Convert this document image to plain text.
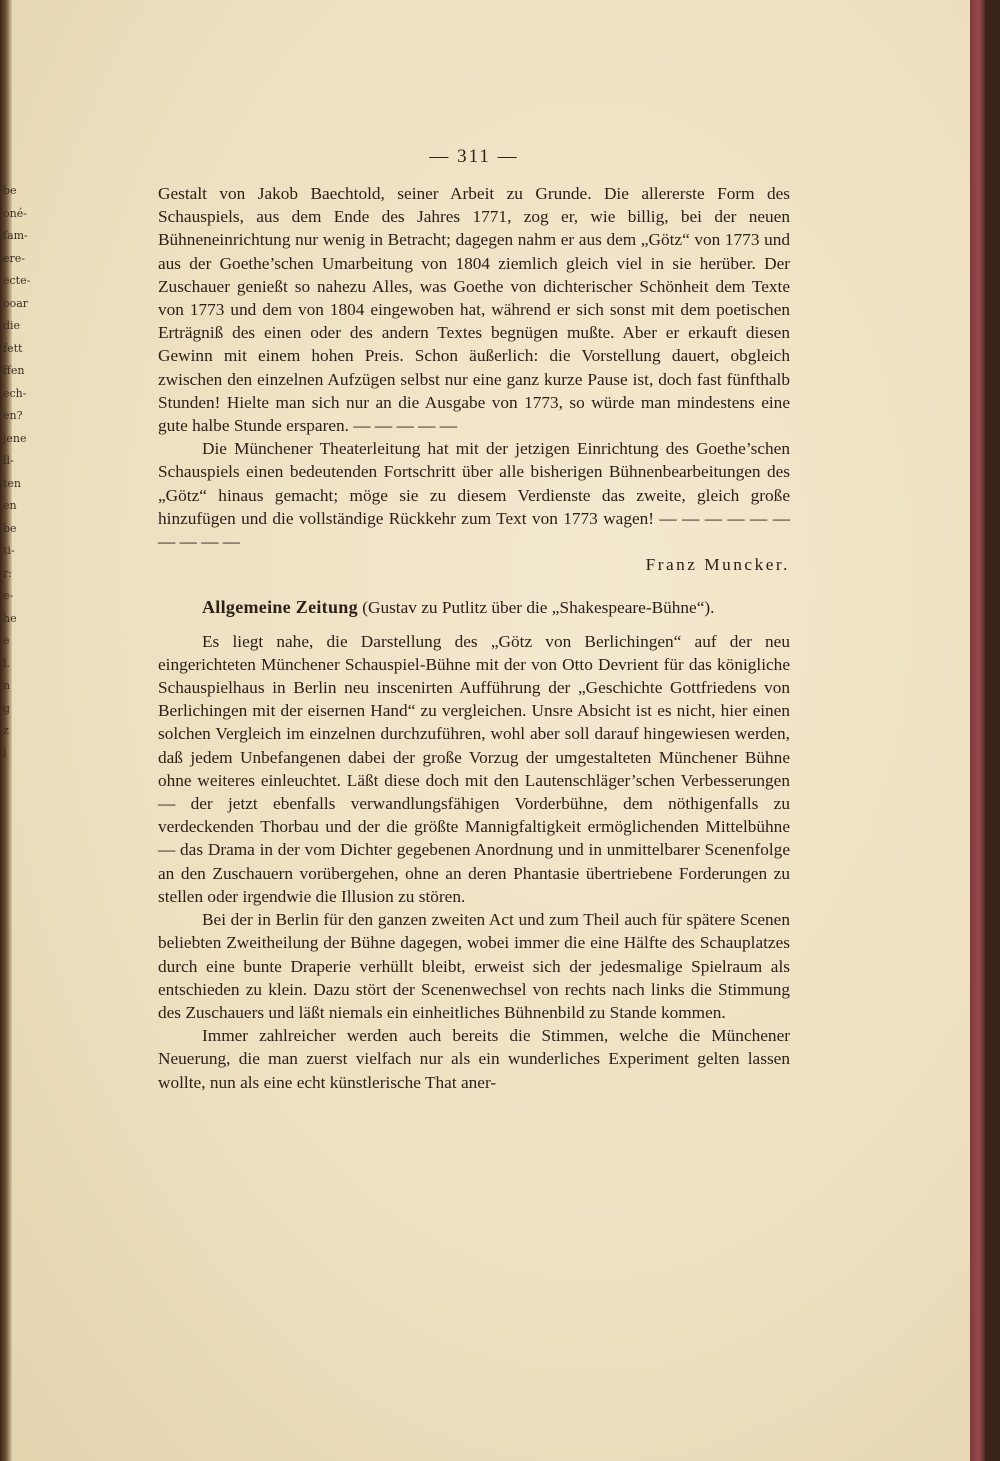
be
oné-
fam-
ere-
ecte-
ooar
die
fett
ffen
ech-
en?
jene
ll-
ten
en
be
ti-
r:
e-
he
e
l.
n
g
z
l
— 311 —

Gestalt von Jakob Baechtold, seiner Arbeit zu Grunde. Die allererste Form des Schauspiels, aus dem Ende des Jahres 1771, zog er, wie billig, bei der neuen Bühneneinrichtung nur wenig in Betracht; dagegen nahm er aus dem „Götz“ von 1773 und aus der Goethe’schen Umarbeitung von 1804 ziemlich gleich viel in sie herüber. Der Zuschauer genießt so nahezu Alles, was Goethe von dichterischer Schönheit dem Texte von 1773 und dem von 1804 eingewoben hat, während er sich sonst mit dem poetischen Erträgniß des einen oder des andern Textes begnügen mußte. Aber er erkauft diesen Gewinn mit einem hohen Preis. Schon äußerlich: die Vorstellung dauert, obgleich zwischen den einzelnen Aufzügen selbst nur eine ganz kurze Pause ist, doch fast fünfthalb Stunden! Hielte man sich nur an die Ausgabe von 1773, so würde man mindestens eine gute halbe Stunde ersparen. — — — — —

Die Münchener Theaterleitung hat mit der jetzigen Einrichtung des Goethe’schen Schauspiels einen bedeutenden Fortschritt über alle bisherigen Bühnenbearbeitungen des „Götz“ hinaus gemacht; möge sie zu diesem Verdienste das zweite, gleich große hinzufügen und die vollständige Rückkehr zum Text von 1773 wagen! — — — — — — — — — —

Franz Muncker.

Allgemeine Zeitung (Gustav zu Putlitz über die „Shakespeare-Bühne“).

Es liegt nahe, die Darstellung des „Götz von Berlichingen“ auf der neu eingerichteten Münchener Schauspiel-Bühne mit der von Otto Devrient für das königliche Schauspielhaus in Berlin neu inscenirten Aufführung der „Geschichte Gottfriedens von Berlichingen mit der eisernen Hand“ zu vergleichen. Unsre Absicht ist es nicht, hier einen solchen Vergleich im einzelnen durchzuführen, wohl aber soll darauf hingewiesen werden, daß jedem Unbefangenen dabei der große Vorzug der umgestalteten Münchener Bühne ohne weiteres einleuchtet. Läßt diese doch mit den Lautenschläger’schen Verbesserungen — der jetzt ebenfalls verwandlungsfähigen Vorderbühne, dem nöthigenfalls zu verdeckenden Thorbau und der die größte Mannigfaltigkeit ermöglichenden Mittelbühne — das Drama in der vom Dichter gegebenen Anordnung und in unmittelbarer Scenenfolge an den Zuschauern vorübergehen, ohne an deren Phantasie übertriebene Forderungen zu stellen oder irgendwie die Illusion zu stören.

Bei der in Berlin für den ganzen zweiten Act und zum Theil auch für spätere Scenen beliebten Zweitheilung der Bühne dagegen, wobei immer die eine Hälfte des Schauplatzes durch eine bunte Draperie verhüllt bleibt, erweist sich der jedesmalige Spielraum als entschieden zu klein. Dazu stört der Scenenwechsel von rechts nach links die Stimmung des Zuschauers und läßt niemals ein einheitliches Bühnenbild zu Stande kommen.

Immer zahlreicher werden auch bereits die Stimmen, welche die Münchener Neuerung, die man zuerst vielfach nur als ein wunderliches Experiment gelten lassen wollte, nun als eine echt künstlerische That aner-
